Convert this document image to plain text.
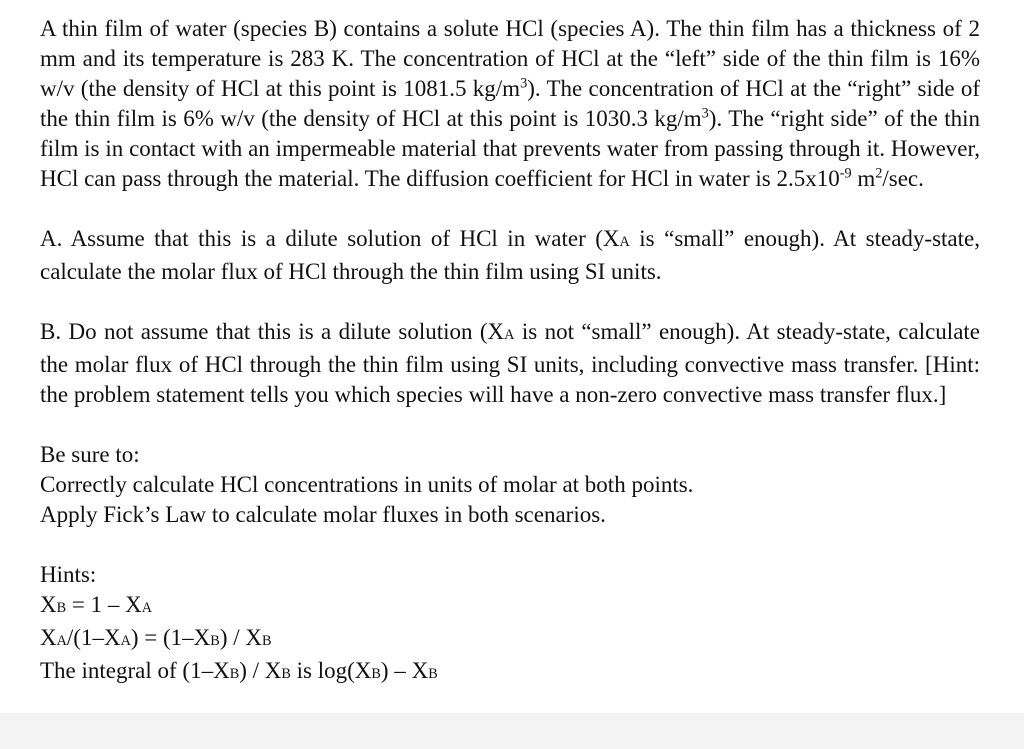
A thin film of water (species B) contains a solute HCl (species A). The thin film has a thickness of 2 mm and its temperature is 283 K. The concentration of HCl at the “left” side of the thin film is 16% w/v (the density of HCl at this point is 1081.5 $kg/m^3$). The concentration of HCl at the “right” side of the thin film is 6% w/v (the density of HCl at this point is 1030.3 $kg/m^3$). The “right side” of the thin film is in contact with an impermeable material that prevents water from passing through it. However, HCl can pass through the material. The diffusion coefficient for HCl in water is $2.5x10^{-9}$ $m^2/\sec$.

A. Assume that this is a dilute solution of HCl in water (XA is “small” enough). At steady-state, calculate the molar flux of HCl through the thin film using SI units.

B. Do not assume that this is a dilute solution (XA is not “small” enough). At steady-state, calculate the molar flux of HCl through the thin film using SI units, including convective mass transfer. [Hint: the problem statement tells you which species will have a non-zero convective mass transfer flux.]

Be sure to:
Correctly calculate HCl concentrations in units of molar at both points.
Apply Fick’s Law to calculate molar fluxes in both scenarios.
Hints:
XB = 1 – XA
XA/(1–XA) = (1–XB) / XB
The integral of (1–XB) / XB is log(XB) – XB
